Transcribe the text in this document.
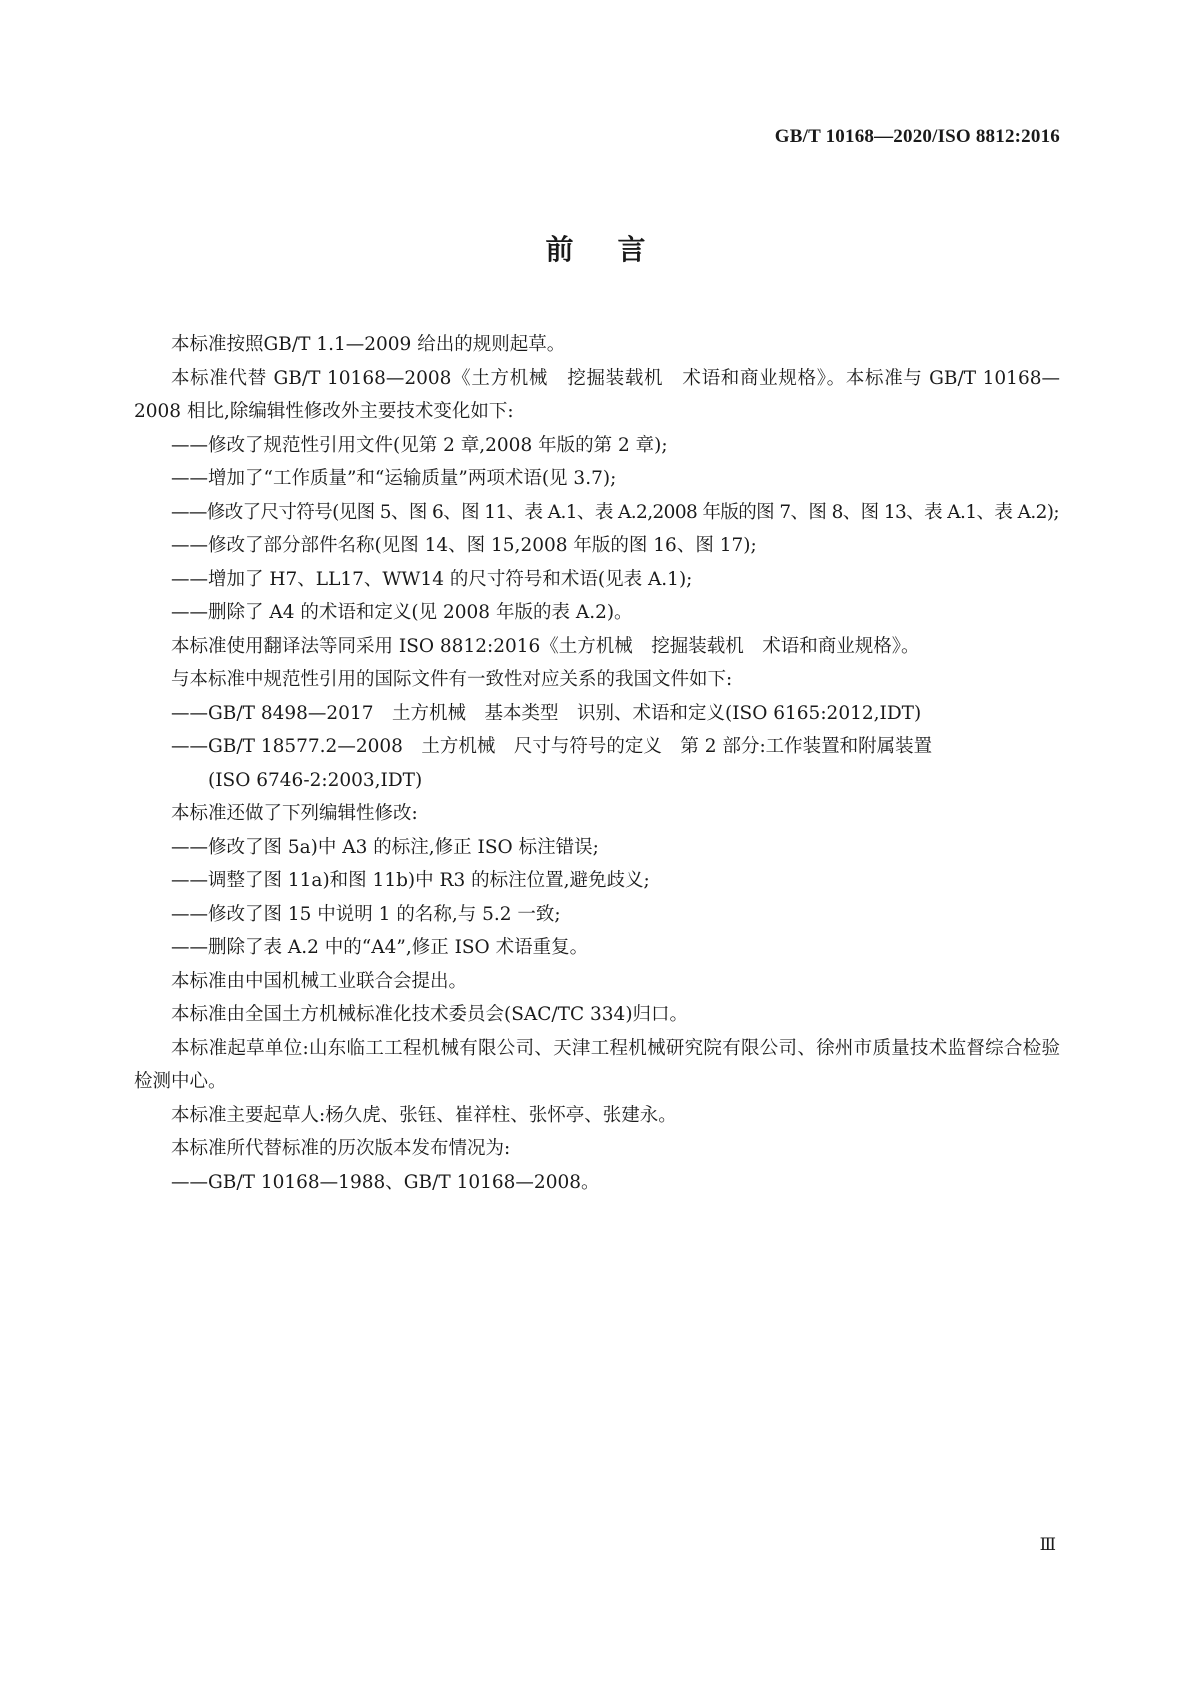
GB/T 10168—2020/ISO 8812:2016
前言

本标准按照GB/T 1.1—2009 给出的规则起草。

本标准代替 GB/T 10168—2008《土方机械　挖掘装载机　术语和商业规格》。本标准与 GB/T 10168—2008 相比,除编辑性修改外主要技术变化如下:

——修改了规范性引用文件(见第 2 章,2008 年版的第 2 章);

——增加了“工作质量”和“运输质量”两项术语(见 3.7);

——修改了尺寸符号(见图 5、图 6、图 11、表 A.1、表 A.2,2008 年版的图 7、图 8、图 13、表 A.1、表 A.2);

——修改了部分部件名称(见图 14、图 15,2008 年版的图 16、图 17);

——增加了 H7、LL17、WW14 的尺寸符号和术语(见表 A.1);

——删除了 A4 的术语和定义(见 2008 年版的表 A.2)。

本标准使用翻译法等同采用 ISO 8812:2016《土方机械　挖掘装载机　术语和商业规格》。

与本标准中规范性引用的国际文件有一致性对应关系的我国文件如下:

——GB/T 8498—2017　土方机械　基本类型　识别、术语和定义(ISO 6165:2012,IDT)

——GB/T 18577.2—2008　土方机械　尺寸与符号的定义　第 2 部分:工作装置和附属装置

(ISO 6746-2:2003,IDT)

本标准还做了下列编辑性修改:

——修改了图 5a)中 A3 的标注,修正 ISO 标注错误;

——调整了图 11a)和图 11b)中 R3 的标注位置,避免歧义;

——修改了图 15 中说明 1 的名称,与 5.2 一致;

——删除了表 A.2 中的“A4”,修正 ISO 术语重复。

本标准由中国机械工业联合会提出。

本标准由全国土方机械标准化技术委员会(SAC/TC 334)归口。

本标准起草单位:山东临工工程机械有限公司、天津工程机械研究院有限公司、徐州市质量技术监督综合检验检测中心。

本标准主要起草人:杨久虎、张钰、崔祥柱、张怀亭、张建永。

本标准所代替标准的历次版本发布情况为:

——GB/T 10168—1988、GB/T 10168—2008。

Ⅲ
